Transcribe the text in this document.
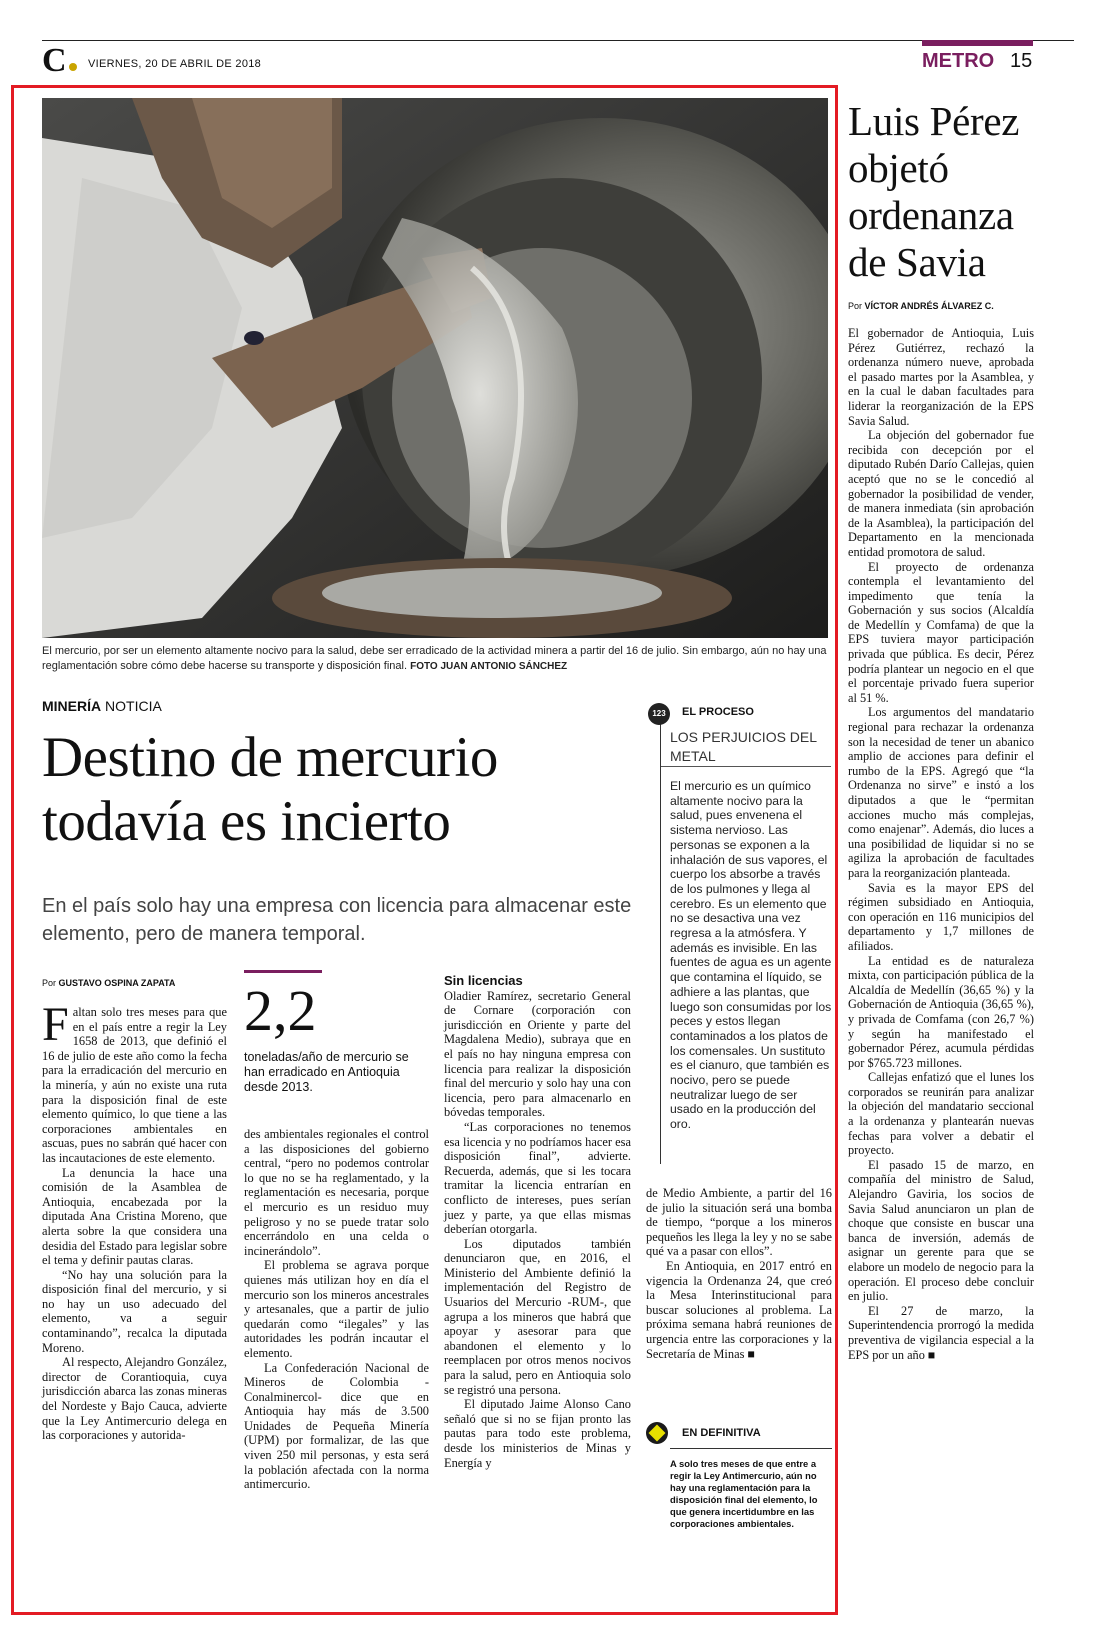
C	VIERNES, 20 DE ABRIL DE 2018	METRO 15
El mercurio, por ser un elemento altamente nocivo para la salud, debe ser erradicado de la actividad minera a partir del 16 de julio. Sin embargo, aún no hay una reglamentación sobre cómo debe hacerse su transporte y disposición final. FOTO JUAN ANTONIO SÁNCHEZ
MINERÍA NOTICIA
Destino de mercurio todavía es incierto
En el país solo hay una empresa con licencia para almacenar este elemento, pero de manera temporal.
Por GUSTAVO OSPINA ZAPATA

Faltan solo tres meses para que en el país entre a regir la Ley 1658 de 2013, que definió el 16 de julio de este año como la fecha para la erradicación del mercurio en la minería, y aún no existe una ruta para la disposición final de este elemento químico, lo que tiene a las corporaciones ambientales en ascuas, pues no sabrán qué hacer con las incautaciones de este elemento.

La denuncia la hace una comisión de la Asamblea de Antioquia, encabezada por la diputada Ana Cristina Moreno, que alerta sobre la que considera una desidia del Estado para legislar sobre el tema y definir pautas claras.

“No hay una solución para la disposición final del mercurio, y si no hay un uso adecuado del elemento, va a seguir contaminando”, recalca la diputada Moreno.

Al respecto, Alejandro González, director de Corantioquia, cuya jurisdicción abarca las zonas mineras del Nordeste y Bajo Cauca, advierte que la Ley Antimercurio delega en las corporaciones y autorida-

2,2
toneladas/año de mercurio se han erradicado en Antioquia desde 2013.

des ambientales regionales el control a las disposiciones del gobierno central, “pero no podemos controlar lo que no se ha reglamentado, y la reglamentación es necesaria, porque el mercurio es un residuo muy peligroso y no se puede tratar solo encerrándolo en una celda o incinerándolo”.

El problema se agrava porque quienes más utilizan hoy en día el mercurio son los mineros ancestrales y artesanales, que a partir de julio quedarán como “ilegales” y las autoridades les podrán incautar el elemento.

La Confederación Nacional de Mineros de Colombia -Conalminercol- dice que en Antioquia hay más de 3.500 Unidades de Pequeña Minería (UPM) por formalizar, de las que viven 250 mil personas, y esta será la población afectada con la norma antimercurio.

Sin licencias

Oladier Ramírez, secretario General de Cornare (corporación con jurisdicción en Oriente y parte del Magdalena Medio), subraya que en el país no hay ninguna empresa con licencia para realizar la disposición final del mercurio y solo hay una con licencia, pero para almacenarlo en bóvedas temporales.

“Las corporaciones no tenemos esa licencia y no podríamos hacer esa disposición final”, advierte. Recuerda, además, que si les tocara tramitar la licencia entrarían en conflicto de intereses, pues serían juez y parte, ya que ellas mismas deberían otorgarla.

Los diputados también denunciaron que, en 2016, el Ministerio del Ambiente definió la implementación del Registro de Usuarios del Mercurio -RUM-, que agrupa a los mineros que habrá que apoyar y asesorar para que abandonen el elemento y lo reemplacen por otros menos nocivos para la salud, pero en Antioquia solo se registró una persona.

El diputado Jaime Alonso Cano señaló que si no se fijan pronto las pautas para todo este problema, desde los ministerios de Minas y Energía y

de Medio Ambiente, a partir del 16 de julio la situación será una bomba de tiempo, “porque a los mineros pequeños les llega la ley y no se sabe qué va a pasar con ellos”.

En Antioquia, en 2017 entró en vigencia la Ordenanza 24, que creó la Mesa Interinstitucional para buscar soluciones al problema. La próxima semana habrá reuniones de urgencia entre las corporaciones y la Secretaría de Minas ■

123	EL PROCESO
LOS PERJUICIOS DEL METAL
El mercurio es un químico altamente nocivo para la salud, pues envenena el sistema nervioso. Las personas se exponen a la inhalación de sus vapores, el cuerpo los absorbe a través de los pulmones y llega al cerebro. Es un elemento que no se desactiva una vez regresa a la atmósfera. Y además es invisible. En las fuentes de agua es un agente que contamina el líquido, se adhiere a las plantas, que luego son consumidas por los peces y estos llegan contaminados a los platos de los comensales. Un sustituto es el cianuro, que también es nocivo, pero se puede neutralizar luego de ser usado en la producción del oro.
EN DEFINITIVA
A solo tres meses de que entre a regir la Ley Antimercurio, aún no hay una reglamentación para la disposición final del elemento, lo que genera incertidumbre en las corporaciones ambientales.
Luis Pérez objetó ordenanza de Savia
Por VÍCTOR ANDRÉS ÁLVAREZ C.

El gobernador de Antioquia, Luis Pérez Gutiérrez, rechazó la ordenanza número nueve, aprobada el pasado martes por la Asamblea, y en la cual le daban facultades para liderar la reorganización de la EPS Savia Salud.

La objeción del gobernador fue recibida con decepción por el diputado Rubén Darío Callejas, quien aceptó que no se le concedió al gobernador la posibilidad de vender, de manera inmediata (sin aprobación de la Asamblea), la participación del Departamento en la mencionada entidad promotora de salud.

El proyecto de ordenanza contempla el levantamiento del impedimento que tenía la Gobernación y sus socios (Alcaldía de Medellín y Comfama) de que la EPS tuviera mayor participación privada que pública. Es decir, Pérez podría plantear un negocio en el que el porcentaje privado fuera superior al 51 %.

Los argumentos del mandatario regional para rechazar la ordenanza son la necesidad de tener un abanico amplio de acciones para definir el rumbo de la EPS. Agregó que “la Ordenanza no sirve” e instó a los diputados a que le “permitan acciones mucho más complejas, como enajenar”. Además, dio luces a una posibilidad de liquidar si no se agiliza la aprobación de facultades para la reorganización planteada.

Savia es la mayor EPS del régimen subsidiado en Antioquia, con operación en 116 municipios del departamento y 1,7 millones de afiliados.

La entidad es de naturaleza mixta, con participación pública de la Alcaldía de Medellín (36,65 %) y la Gobernación de Antioquia (36,65 %), y privada de Comfama (con 26,7 %) y según ha manifestado el gobernador Pérez, acumula pérdidas por $765.723 millones.

Callejas enfatizó que el lunes los corporados se reunirán para analizar la objeción del mandatario seccional a la ordenanza y plantearán nuevas fechas para volver a debatir el proyecto.

El pasado 15 de marzo, en compañía del ministro de Salud, Alejandro Gaviria, los socios de Savia Salud anunciaron un plan de choque que consiste en buscar una banca de inversión, además de asignar un gerente para que se elabore un modelo de negocio para la operación. El proceso debe concluir en julio.

El 27 de marzo, la Superintendencia prorrogó la medida preventiva de vigilancia especial a la EPS por un año ■
